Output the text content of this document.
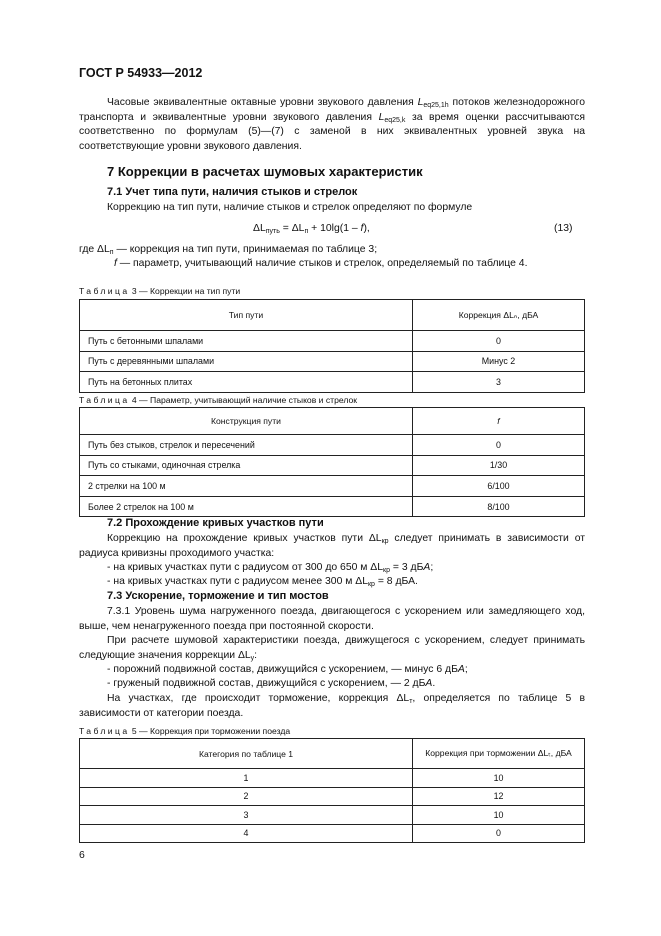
ГОСТ Р 54933—2012
Часовые эквивалентные октавные уровни звукового давления $L_{eq25,1h}$ потоков железнодорожного транспорта и эквивалентные уровни звукового давления $L_{eq25,k}$ за время оценки рассчитываются соответственно по формулам (5)—(7) с заменой в них эквивалентных уровней звука на соответствующие уровни звукового давления.
7 Коррекции в расчетах шумовых характеристик
7.1 Учет типа пути, наличия стыков и стрелок
Коррекцию на тип пути, наличие стыков и стрелок определяют по формуле
$\Delta L_{путь} = \Delta L_п + 10\lg(1 - f)$,	(13)
где $\Delta L_п$ — коррекция на тип пути, принимаемая по таблице 3;
f — параметр, учитывающий наличие стыков и стрелок, определяемый по таблице 4.
Таблица 3 — Коррекции на тип пути
Тип пути	Коррекция ΔLₙ, дБА
Путь с бетонными шпалами	0
Путь с деревянными шпалами	Минус 2
Путь на бетонных плитах	3
Таблица 4 — Параметр, учитывающий наличие стыков и стрелок
Конструкция пути	f
Путь без стыков, стрелок и пересечений	0
Путь со стыками, одиночная стрелка	1/30
2 стрелки на 100 м	6/100
Более 2 стрелок на 100 м	8/100
7.2 Прохождение кривых участков пути
Коррекцию на прохождение кривых участков пути $\Delta L_{кр}$ следует принимать в зависимости от радиуса кривизны проходимого участка:
- на кривых участках пути с радиусом от 300 до 650 м $\Delta L_{кр} = 3$ дБА;
- на кривых участках пути с радиусом менее 300 м $\Delta L_{кр} = 8$ дБА.
7.3 Ускорение, торможение и тип мостов
7.3.1 Уровень шума нагруженного поезда, двигающегося с ускорением или замедляющего ход, выше, чем ненагруженного поезда при постоянной скорости.
При расчете шумовой характеристики поезда, движущегося с ускорением, следует принимать следующие значения коррекции $\Delta L_у$:
- порожний подвижной состав, движущийся с ускорением, — минус 6 дБА;
- груженый подвижной состав, движущийся с ускорением, — 2 дБА.
На участках, где происходит торможение, коррекция $\Delta L_т$, определяется по таблице 5 в зависимости от категории поезда.
Таблица 5 — Коррекция при торможении поезда
Категория по таблице 1	Коррекция при торможении ΔLₜ, дБА
1	10
2	12
3	10
4	0
6
